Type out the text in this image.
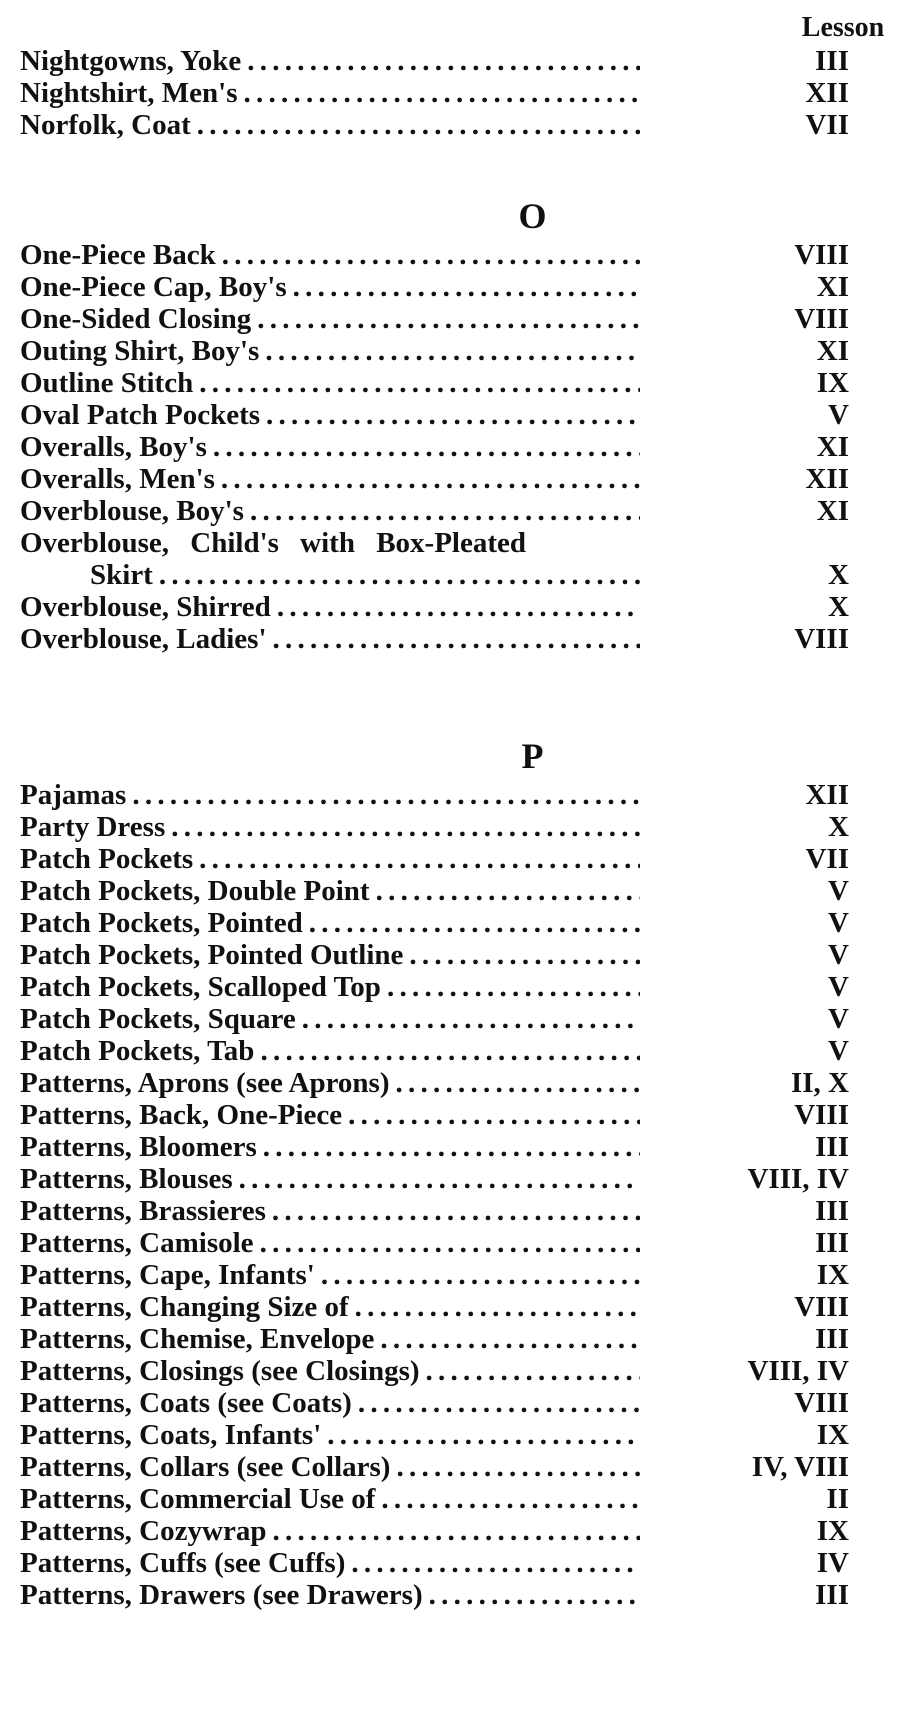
Lesson
Nightgowns, Yoke . . .	III
Nightshirt, Men's . . .	XII
Norfolk, Coat . . .	VII
O
One-Piece Back . . .	VIII
One-Piece Cap, Boy's . . .	XI
One-Sided Closing . . .	VIII
Outing Shirt, Boy's . . .	XI
Outline Stitch . . .	IX
Oval Patch Pockets . . .	V
Overalls, Boy's . . .	XI
Overalls, Men's . . .	XII
Overblouse, Boy's . . .	XI
Overblouse, Child's with Box-Pleated
Skirt . . .	X
Overblouse, Shirred . . .	X
Overblouse, Ladies' . . .	VIII
P
Pajamas . . .	XII
Party Dress . . .	X
Patch Pockets . . .	VII
Patch Pockets, Double Point . . .	V
Patch Pockets, Pointed . . .	V
Patch Pockets, Pointed Outline . . .	V
Patch Pockets, Scalloped Top . . .	V
Patch Pockets, Square . . .	V
Patch Pockets, Tab . . .	V
Patterns, Aprons (see Aprons) . . .	II, X
Patterns, Back, One-Piece . . .	VIII
Patterns, Bloomers . . .	III
Patterns, Blouses . . .	VIII, IV
Patterns, Brassieres . . .	III
Patterns, Camisole . . .	III
Patterns, Cape, Infants' . . .	IX
Patterns, Changing Size of . . .	VIII
Patterns, Chemise, Envelope . . .	III
Patterns, Closings (see Closings) . . .	VIII, IV
Patterns, Coats (see Coats) . . .	VIII
Patterns, Coats, Infants' . . .	IX
Patterns, Collars (see Collars) . . .	IV, VIII
Patterns, Commercial Use of . . .	II
Patterns, Cozywrap . . .	IX
Patterns, Cuffs (see Cuffs) . . .	IV
Patterns, Drawers (see Drawers) . . .	III
